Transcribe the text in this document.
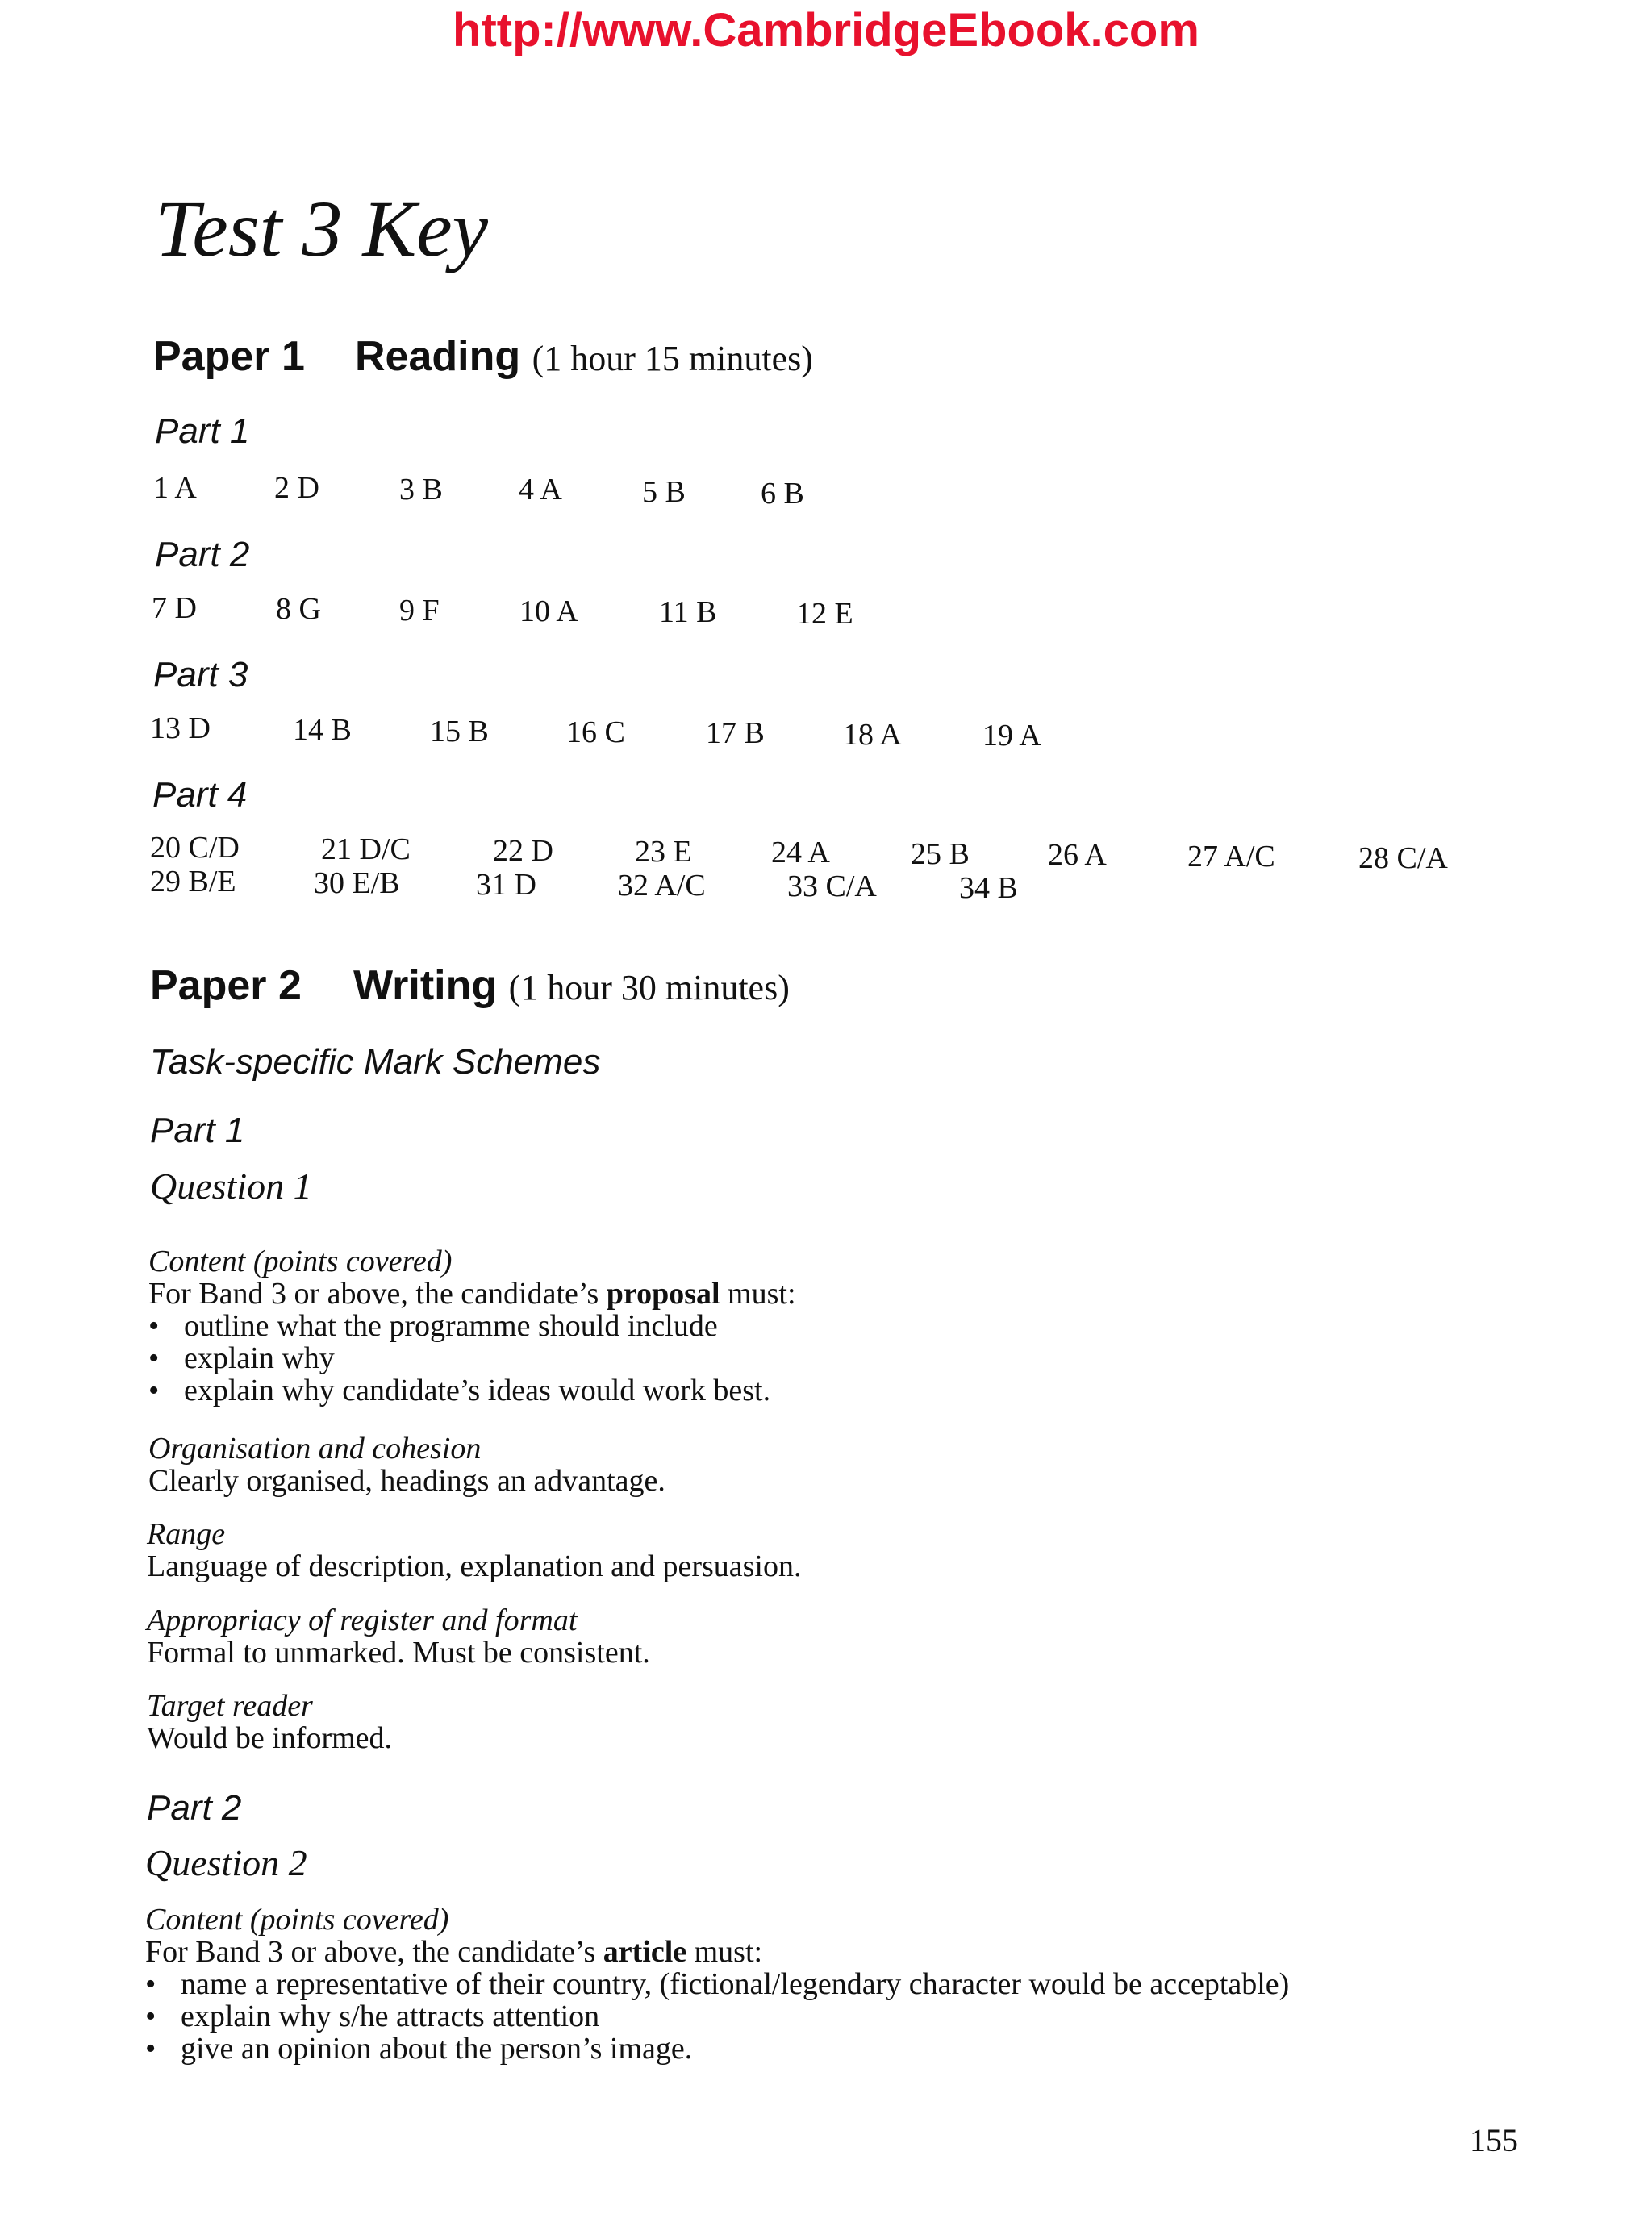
http://www.CambridgeEbook.com
Test 3 Key
Paper 1 Reading (1 hour 15 minutes)
Part 1
1 A	2 D	3 B 4 A	5 B 6 B
Part 2
7 D	8 G	9 F	10 A	11 B	12 E
Part 3
13 D	14 B	15 B	16 C	17 B	18 A	19 A
Part 4
20 C/D	21 D/C	22 D	23 E	24 A	25 B	26 A	27 A/C	28 C/A
29 B/E	30 E/B 31 D	32 A/C	33 C/A	34 B
Paper 2 Writing (1 hour 30 minutes)
Task-specific Mark Schemes
Part 1
Question 1
Content (points covered)
For Band 3 or above, the candidate’s proposal must:
• outline what the programme should include
• explain why
• explain why candidate’s ideas would work best.
Organisation and cohesion
Clearly organised, headings an advantage.
Range
Language of description, explanation and persuasion.
Appropriacy of register and format
Formal to unmarked. Must be consistent.
Target reader
Would be informed.
Part 2
Question 2
Content (points covered)
For Band 3 or above, the candidate’s article must:
• name a representative of their country, (fictional/legendary character would be acceptable)
• explain why s/he attracts attention
• give an opinion about the person’s image.
155
